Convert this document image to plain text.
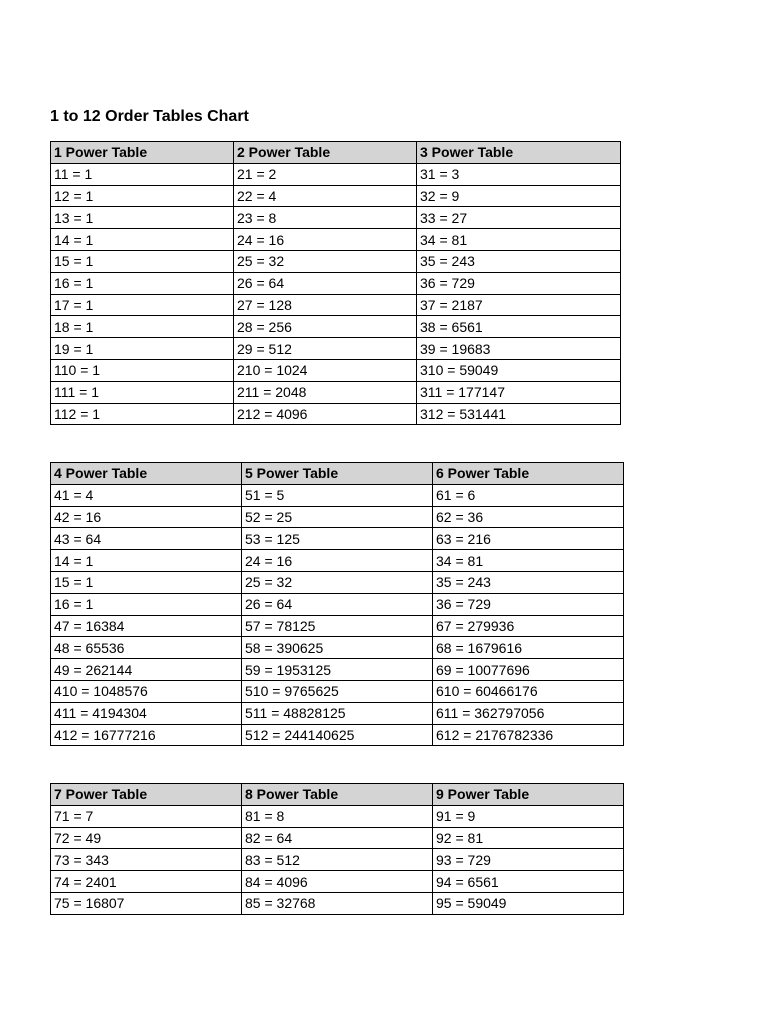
1 to 12 Order Tables Chart
1 Power Table	2 Power Table	3 Power Table
11 = 1	21 = 2	31 = 3
12 = 1	22 = 4	32 = 9
13 = 1	23 = 8	33 = 27
14 = 1	24 = 16	34 = 81
15 = 1	25 = 32	35 = 243
16 = 1	26 = 64	36 = 729
17 = 1	27 = 128	37 = 2187
18 = 1	28 = 256	38 = 6561
19 = 1	29 = 512	39 = 19683
110 = 1	210 = 1024	310 = 59049
111 = 1	211 = 2048	311 = 177147
112 = 1	212 = 4096	312 = 531441
4 Power Table	5 Power Table	6 Power Table
41 = 4	51 = 5	61 = 6
42 = 16	52 = 25	62 = 36
43 = 64	53 = 125	63 = 216
14 = 1	24 = 16	34 = 81
15 = 1	25 = 32	35 = 243
16 = 1	26 = 64	36 = 729
47 = 16384	57 = 78125	67 = 279936
48 = 65536	58 = 390625	68 = 1679616
49 = 262144	59 = 1953125	69 = 10077696
410 = 1048576	510 = 9765625	610 = 60466176
411 = 4194304	511 = 48828125	611 = 362797056
412 = 16777216	512 = 244140625	612 = 2176782336
7 Power Table	8 Power Table	9 Power Table
71 = 7	81 = 8	91 = 9
72 = 49	82 = 64	92 = 81
73 = 343	83 = 512	93 = 729
74 = 2401	84 = 4096	94 = 6561
75 = 16807	85 = 32768	95 = 59049
